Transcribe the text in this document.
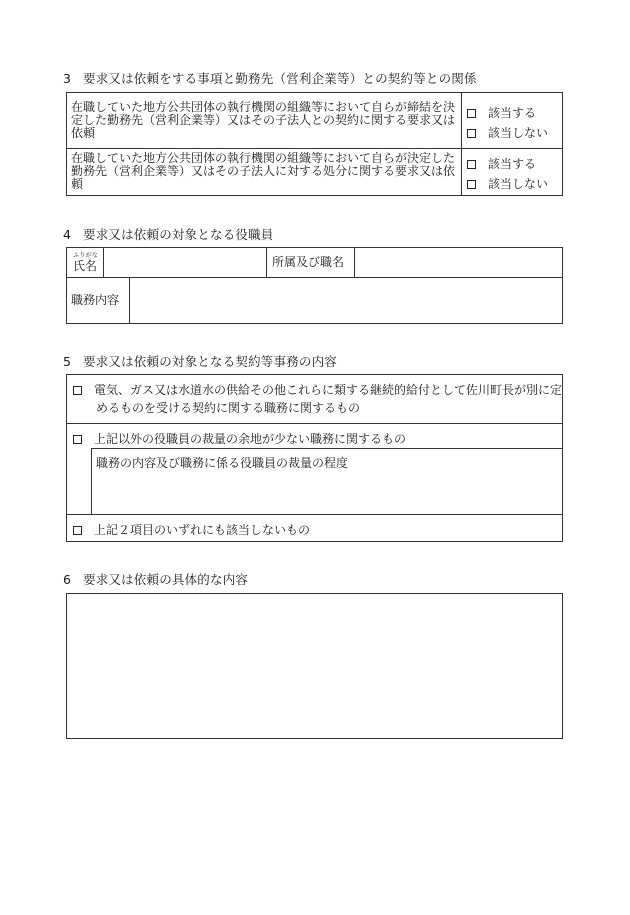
3 要求又は依頼をする事項と勤務先（営利企業等）との契約等との関係
在職していた地方公共団体の執行機関の組織等において自らが締結を決定した勤務先（営利企業等）又はその子法人との契約に関する要求又は依頼
該当する
該当しない
在職していた地方公共団体の執行機関の組織等において自らが決定した勤務先（営利企業等）又はその子法人に対する処分に関する要求又は依頼
該当する
該当しない
4 要求又は依頼の対象となる役職員
ふりがな
氏名	所属及び職名
職務内容
5 要求又は依頼の対象となる契約等事務の内容
電気、ガス又は水道水の供給その他これらに類する継続的給付として佐川町長が別に定
めるものを受ける契約に関する職務に関するもの
上記以外の役職員の裁量の余地が少ない職務に関するもの
職務の内容及び職務に係る役職員の裁量の程度
上記２項目のいずれにも該当しないもの
6 要求又は依頼の具体的な内容
